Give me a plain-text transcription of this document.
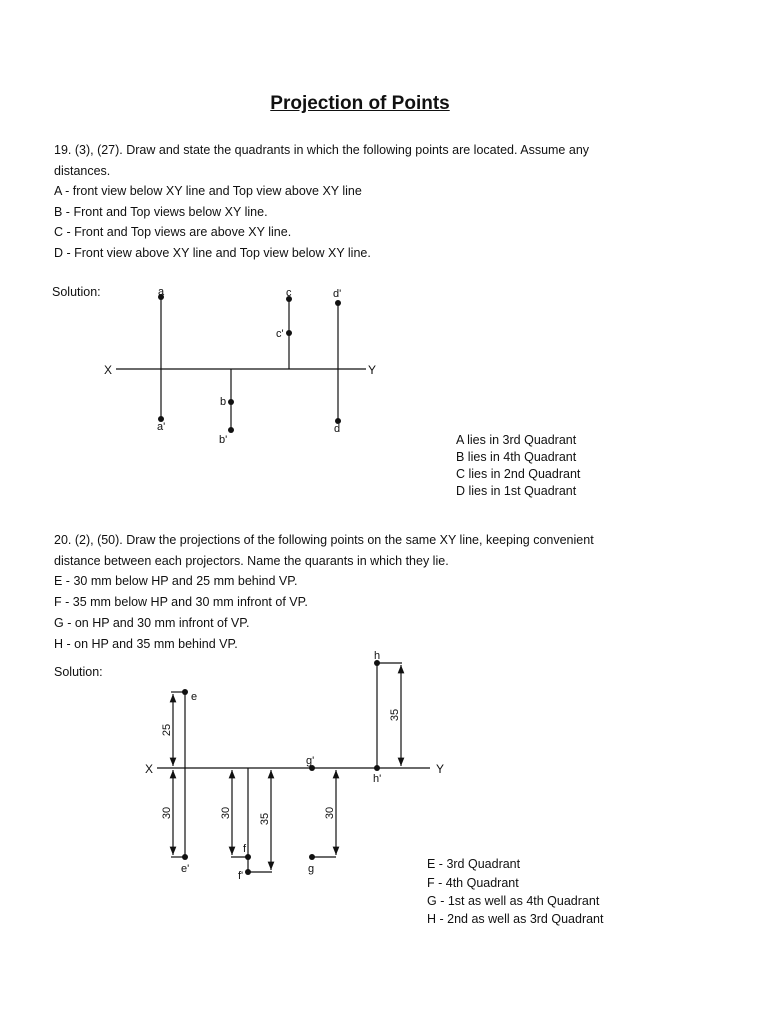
Projection of Points
19. (3), (27). Draw and state the quadrants in which the following points are located. Assume any
distances.
A - front view below XY line and Top view above XY line
B - Front and Top views below XY line.
C - Front and Top views are above XY line.
D - Front view above XY line and Top view below XY line.
Solution:
A lies in 3rd Quadrant
B lies in 4th Quadrant
C lies in 2nd Quadrant
D lies in 1st Quadrant
20. (2), (50). Draw the projections of the following points on the same XY line, keeping convenient
distance between each projectors. Name the quarants in which they lie.
E - 30 mm below HP and 25 mm behind VP.
F - 35 mm below HP and 30 mm infront of VP.
G - on HP and 30 mm infront of VP.
H - on HP and 35 mm behind VP.
Solution:
E - 3rd Quadrant
F - 4th Quadrant
G - 1st as well as 4th Quadrant
H - 2nd as well as 3rd Quadrant
X	Y
a
a'
b
b'
c
c'
d'
d
X	Y
e
e'
f
f'
g'
g
h
h'
25
30	30 35	30
35
